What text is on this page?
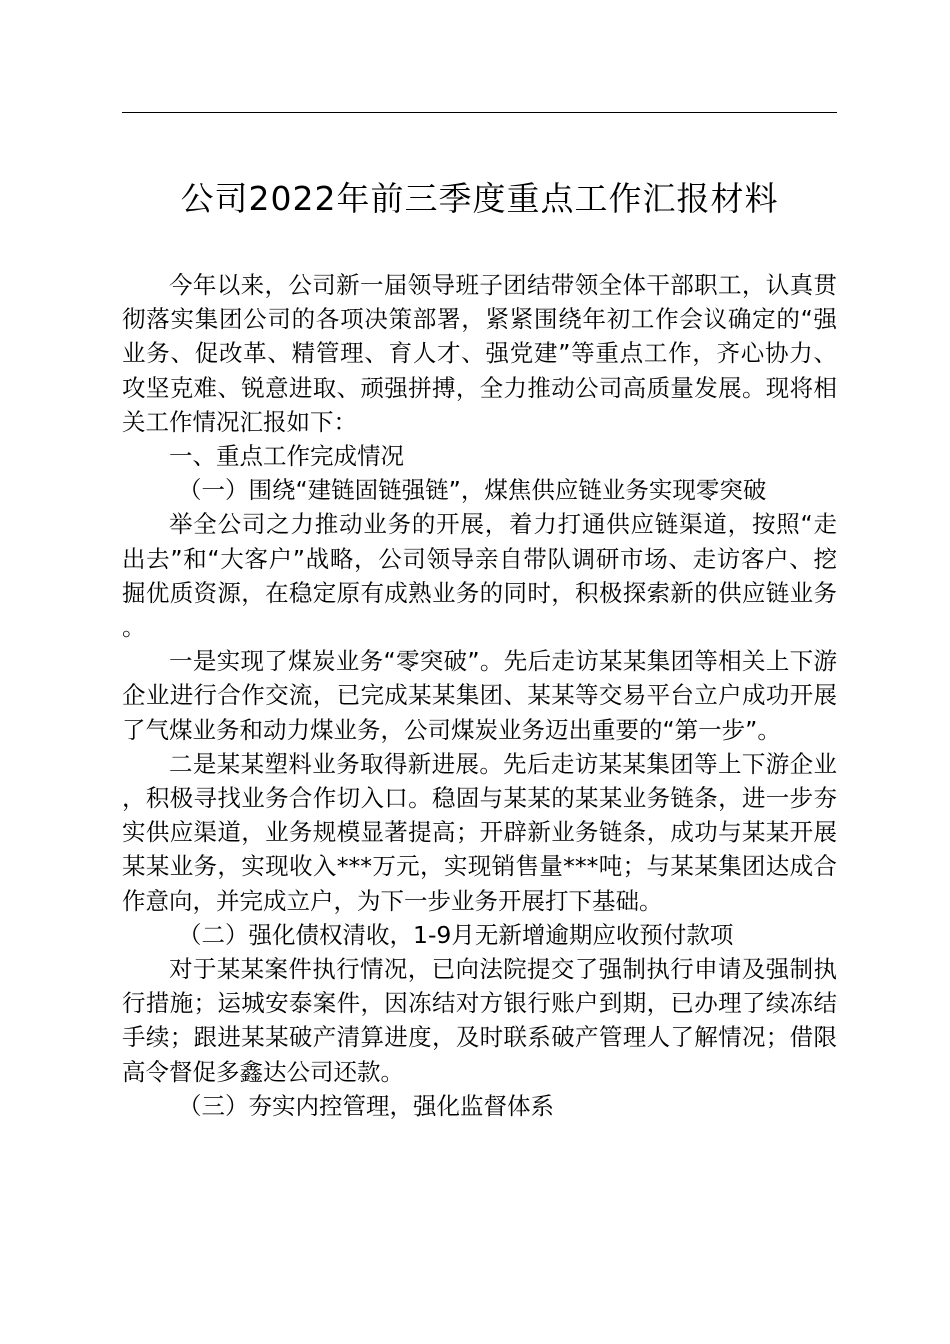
公司2022年前三季度重点工作汇报材料

今年以来，公司新一届领导班子团结带领全体干部职工，认真贯彻落实集团公司的各项决策部署，紧紧围绕年初工作会议确定的“强业务、促改革、精管理、育人才、强党建”等重点工作，齐心协力、攻坚克难、锐意进取、顽强拼搏，全力推动公司高质量发展。现将相关工作情况汇报如下：

一、重点工作完成情况

（一）围绕“建链固链强链”，煤焦供应链业务实现零突破

举全公司之力推动业务的开展，着力打通供应链渠道，按照“走出去”和“大客户”战略，公司领导亲自带队调研市场、走访客户、挖掘优质资源，在稳定原有成熟业务的同时，积极探索新的供应链业务。

一是实现了煤炭业务“零突破”。先后走访某某集团等相关上下游企业进行合作交流，已完成某某集团、某某等交易平台立户成功开展了气煤业务和动力煤业务，公司煤炭业务迈出重要的“第一步”。

二是某某塑料业务取得新进展。先后走访某某集团等上下游企业，积极寻找业务合作切入口。稳固与某某的某某业务链条，进一步夯实供应渠道，业务规模显著提高；开辟新业务链条，成功与某某开展某某业务，实现收入***万元，实现销售量***吨；与某某集团达成合作意向，并完成立户，为下一步业务开展打下基础。

（二）强化债权清收，1-9月无新增逾期应收预付款项

对于某某案件执行情况，已向法院提交了强制执行申请及强制执行措施；运城安泰案件，因冻结对方银行账户到期，已办理了续冻结手续；跟进某某破产清算进度，及时联系破产管理人了解情况；借限高令督促多鑫达公司还款。

（三）夯实内控管理，强化监督体系
